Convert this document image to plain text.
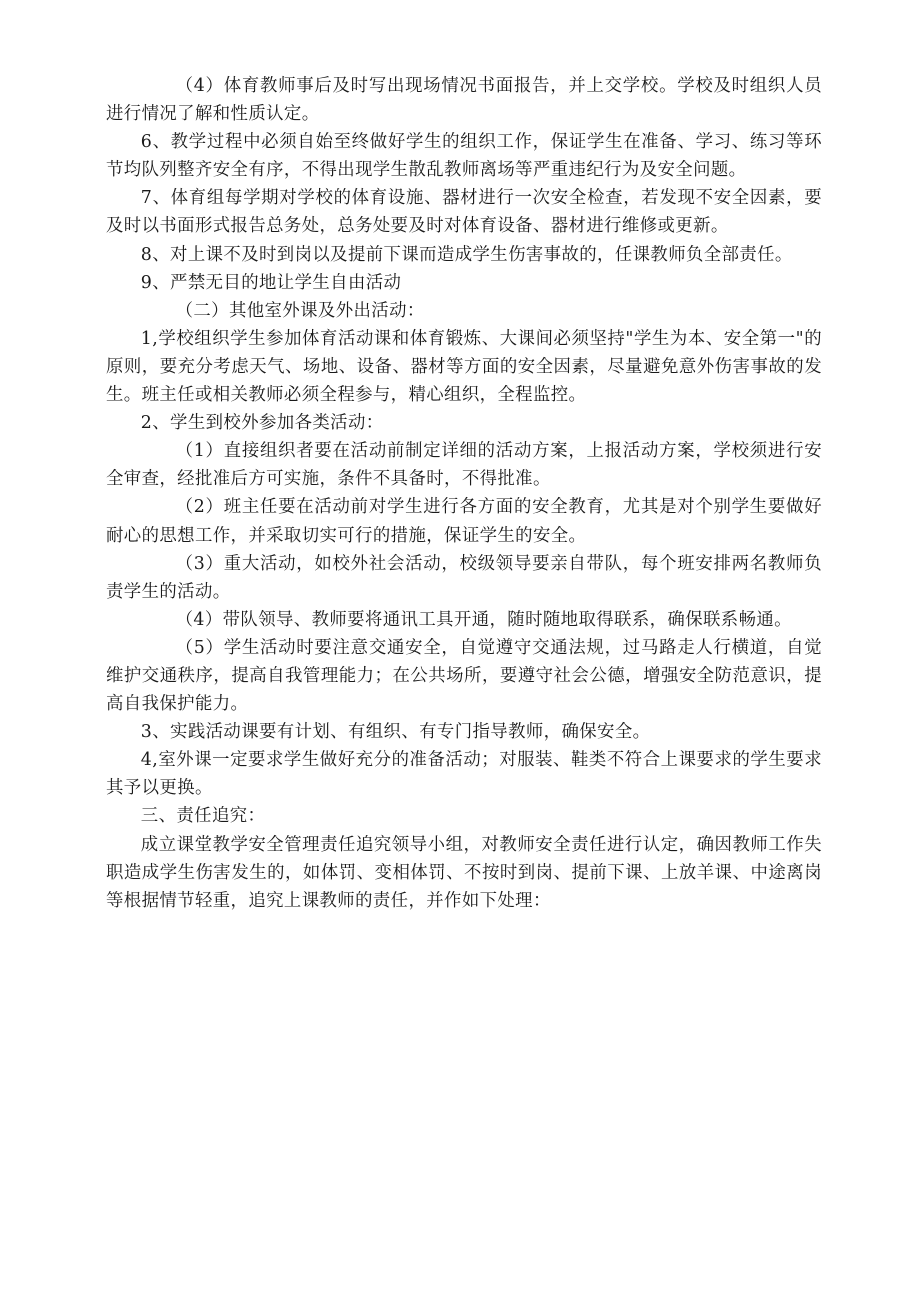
（4）体育教师事后及时写出现场情况书面报告，并上交学校。学校及时组织人员进行情况了解和性质认定。

6、教学过程中必须自始至终做好学生的组织工作，保证学生在准备、学习、练习等环节均队列整齐安全有序，不得出现学生散乱教师离场等严重违纪行为及安全问题。

7、体育组每学期对学校的体育设施、器材进行一次安全检查，若发现不安全因素，要及时以书面形式报告总务处，总务处要及时对体育设备、器材进行维修或更新。

8、对上课不及时到岗以及提前下课而造成学生伤害事故的，任课教师负全部责任。

9、严禁无目的地让学生自由活动

（二）其他室外课及外出活动：

1,学校组织学生参加体育活动课和体育锻炼、大课间必须坚持"学生为本、安全第一"的原则，要充分考虑天气、场地、设备、器材等方面的安全因素，尽量避免意外伤害事故的发生。班主任或相关教师必须全程参与，精心组织，全程监控。

2、学生到校外参加各类活动：

（1）直接组织者要在活动前制定详细的活动方案，上报活动方案，学校须进行安全审查，经批准后方可实施，条件不具备时，不得批准。

（2）班主任要在活动前对学生进行各方面的安全教育，尤其是对个别学生要做好耐心的思想工作，并采取切实可行的措施，保证学生的安全。

（3）重大活动，如校外社会活动，校级领导要亲自带队，每个班安排两名教师负责学生的活动。

（4）带队领导、教师要将通讯工具开通，随时随地取得联系，确保联系畅通。

（5）学生活动时要注意交通安全，自觉遵守交通法规，过马路走人行横道，自觉维护交通秩序，提高自我管理能力；在公共场所，要遵守社会公德，增强安全防范意识，提高自我保护能力。

3、实践活动课要有计划、有组织、有专门指导教师，确保安全。

4,室外课一定要求学生做好充分的准备活动；对服装、鞋类不符合上课要求的学生要求其予以更换。

三、责任追究：

成立课堂教学安全管理责任追究领导小组，对教师安全责任进行认定，确因教师工作失职造成学生伤害发生的，如体罚、变相体罚、不按时到岗、提前下课、上放羊课、中途离岗等根据情节轻重，追究上课教师的责任，并作如下处理：
